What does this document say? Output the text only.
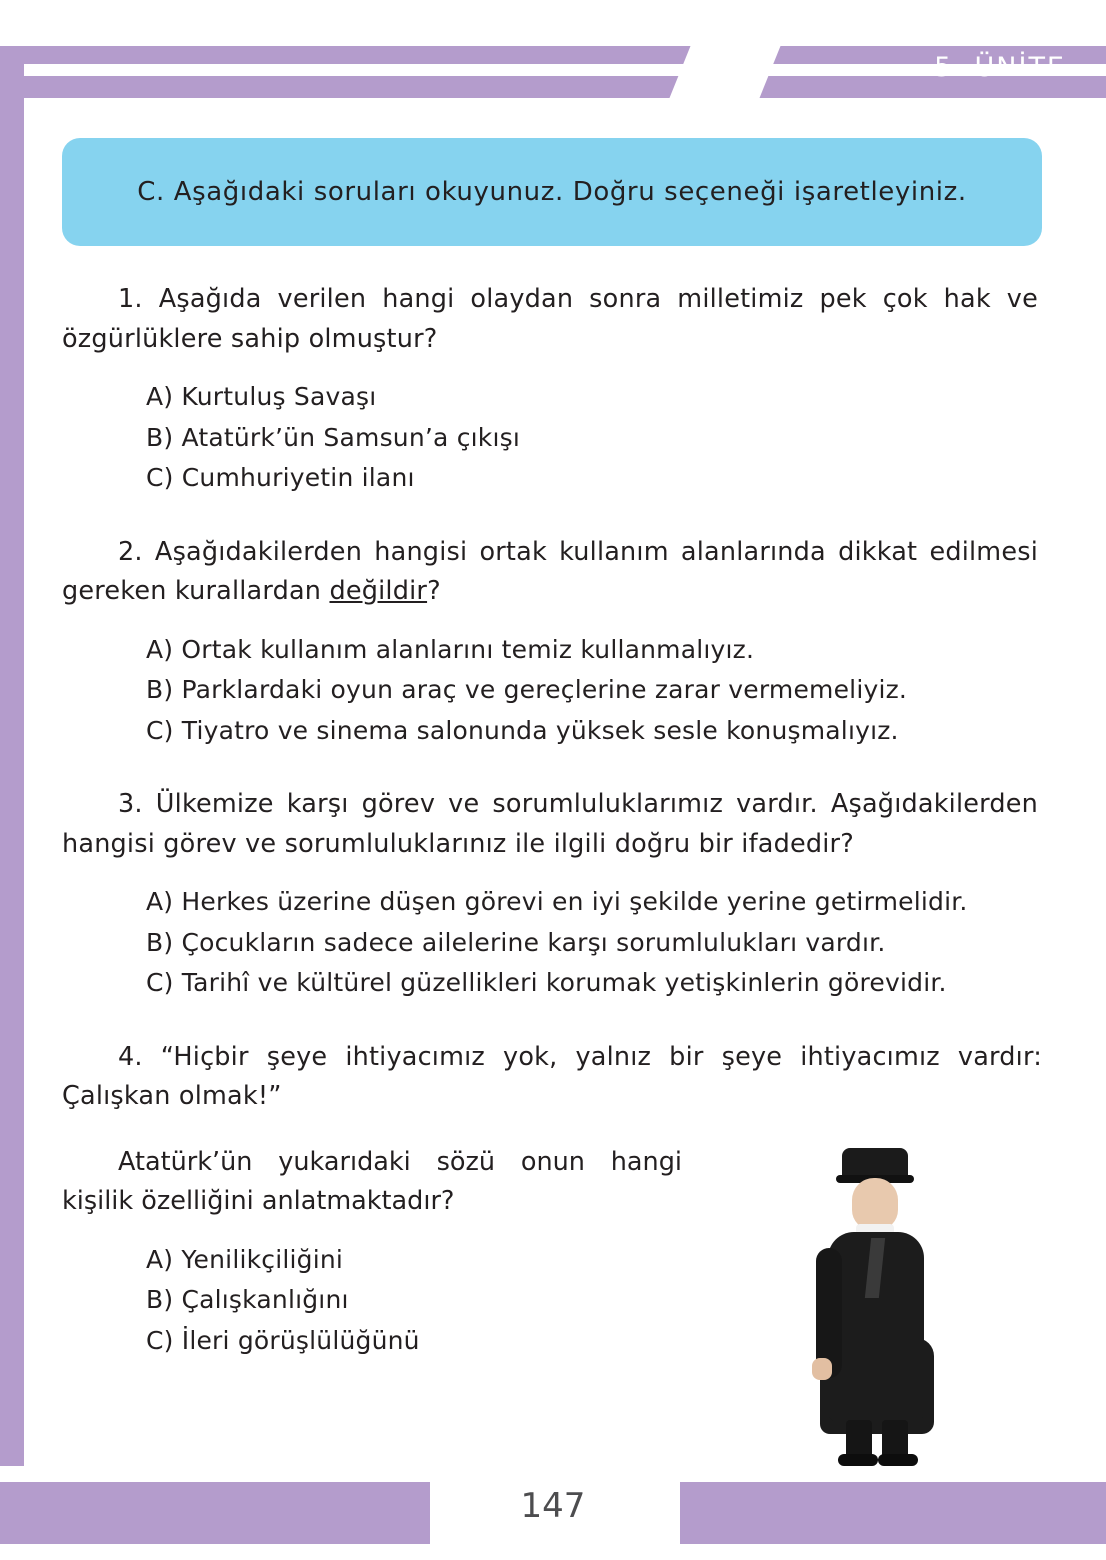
5. ÜNİTE
C. Aşağıdaki soruları okuyunuz. Doğru seçeneği işaretleyiniz.
1. Aşağıda verilen hangi olaydan sonra milletimiz pek çok hak ve özgürlüklere sahip olmuştur?
A) Kurtuluş Savaşı
B) Atatürk’ün Samsun’a çıkışı
C) Cumhuriyetin ilanı
2. Aşağıdakilerden hangisi ortak kullanım alanlarında dikkat edilmesi gereken kurallardan değildir?
A) Ortak kullanım alanlarını temiz kullanmalıyız.
B) Parklardaki oyun araç ve gereçlerine zarar vermemeliyiz.
C) Tiyatro ve sinema salonunda yüksek sesle konuşmalıyız.
3. Ülkemize karşı görev ve sorumluluklarımız vardır. Aşağıdakilerden hangisi görev ve sorumluluklarınız ile ilgili doğru bir ifadedir?
A) Herkes üzerine düşen görevi en iyi şekilde yerine getirmelidir.
B) Çocukların sadece ailelerine karşı sorumlulukları vardır.
C) Tarihî ve kültürel güzellikleri korumak yetişkinlerin görevidir.
4. “Hiçbir şeye ihtiyacımız yok, yalnız bir şeye ihtiyacımız vardır: Çalışkan olmak!”
Atatürk’ün yukarıdaki sözü onun hangi kişilik özelliğini anlatmaktadır?
A) Yenilikçiliğini
B) Çalışkanlığını
C) İleri görüşlülüğünü
147
